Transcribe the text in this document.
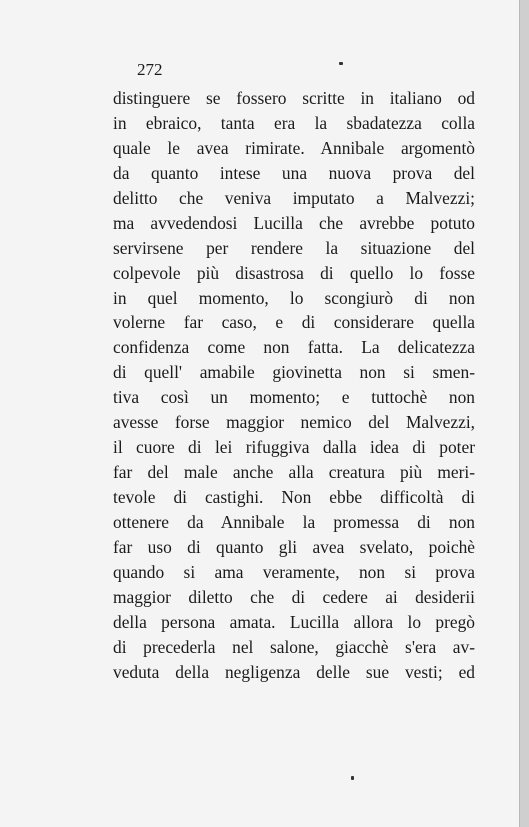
272
distinguere se fossero scritte in italiano od
in ebraico, tanta era la sbadatezza colla
quale le avea rimirate. Annibale argomentò
da quanto intese una nuova prova del
delitto che veniva imputato a Malvezzi;
ma avvedendosi Lucilla che avrebbe potuto
servirsene per rendere la situazione del
colpevole più disastrosa di quello lo fosse
in quel momento, lo scongiurò di non
volerne far caso, e di considerare quella
confidenza come non fatta. La delicatezza
di quell' amabile giovinetta non si smen-
tiva così un momento; e tuttochè non
avesse forse maggior nemico del Malvezzi,
il cuore di lei rifuggiva dalla idea di poter
far del male anche alla creatura più meri-
tevole di castighi. Non ebbe difficoltà di
ottenere da Annibale la promessa di non
far uso di quanto gli avea svelato, poichè
quando si ama veramente, non si prova
maggior diletto che di cedere ai desiderii
della persona amata. Lucilla allora lo pregò
di precederla nel salone, giacchè s'era av-
veduta della negligenza delle sue vesti; ed
